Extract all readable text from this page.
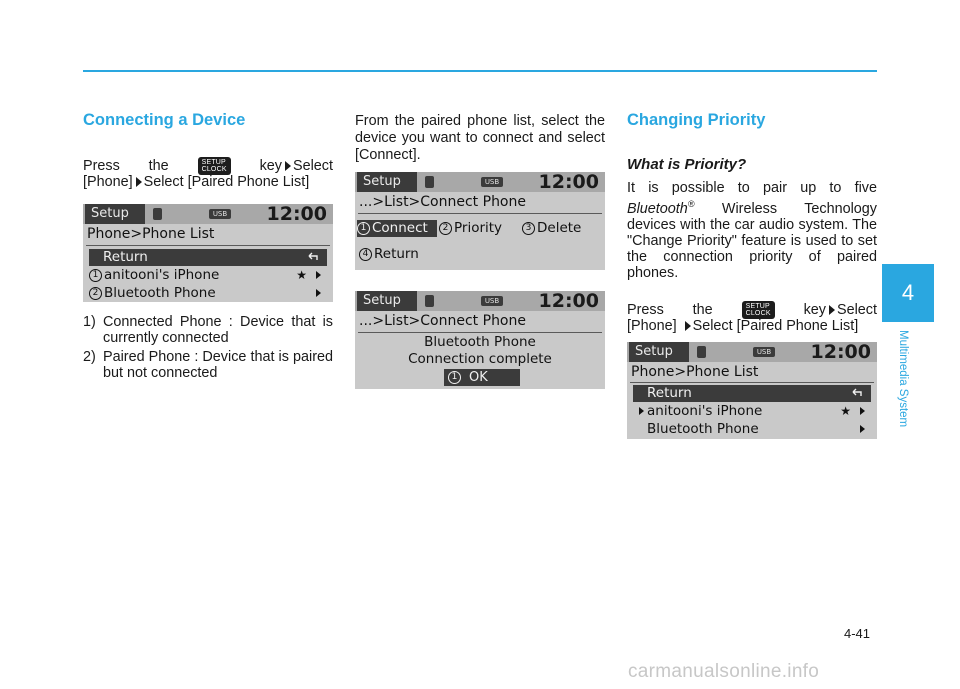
Connecting a Device
Press the	SETUP
CLOCK key Select
[Phone] Select [Paired Phone List]
Setup	USB 12:00
Phone>Phone List
Return
1 anitooni's iPhone	★
2 Bluetooth Phone
1) Connected Phone : Device that is currently connected
2) Paired Phone : Device that is paired but not connected
From the paired phone list, select the device you want to connect and select [Connect].
Setup	USB 12:00
...>List>Connect Phone
1 Connect	2 Priority	3 Delete
4 Return
Setup	USB 12:00
...>List>Connect Phone
Bluetooth Phone
Connection complete
1 OK
Changing Priority
What is Priority?
It is possible to pair up to five
Bluetooth® Wireless Technology devices with the car audio system. The "Change Priority" feature is used to set the connection priority of paired phones.
Press the	SETUP
CLOCK key Select
[Phone] Select [Paired Phone List]
Setup	USB 12:00
Phone>Phone List
Return
anitooni's iPhone	★
Bluetooth Phone
4
Multimedia System
4-41
carmanualsonline.info
